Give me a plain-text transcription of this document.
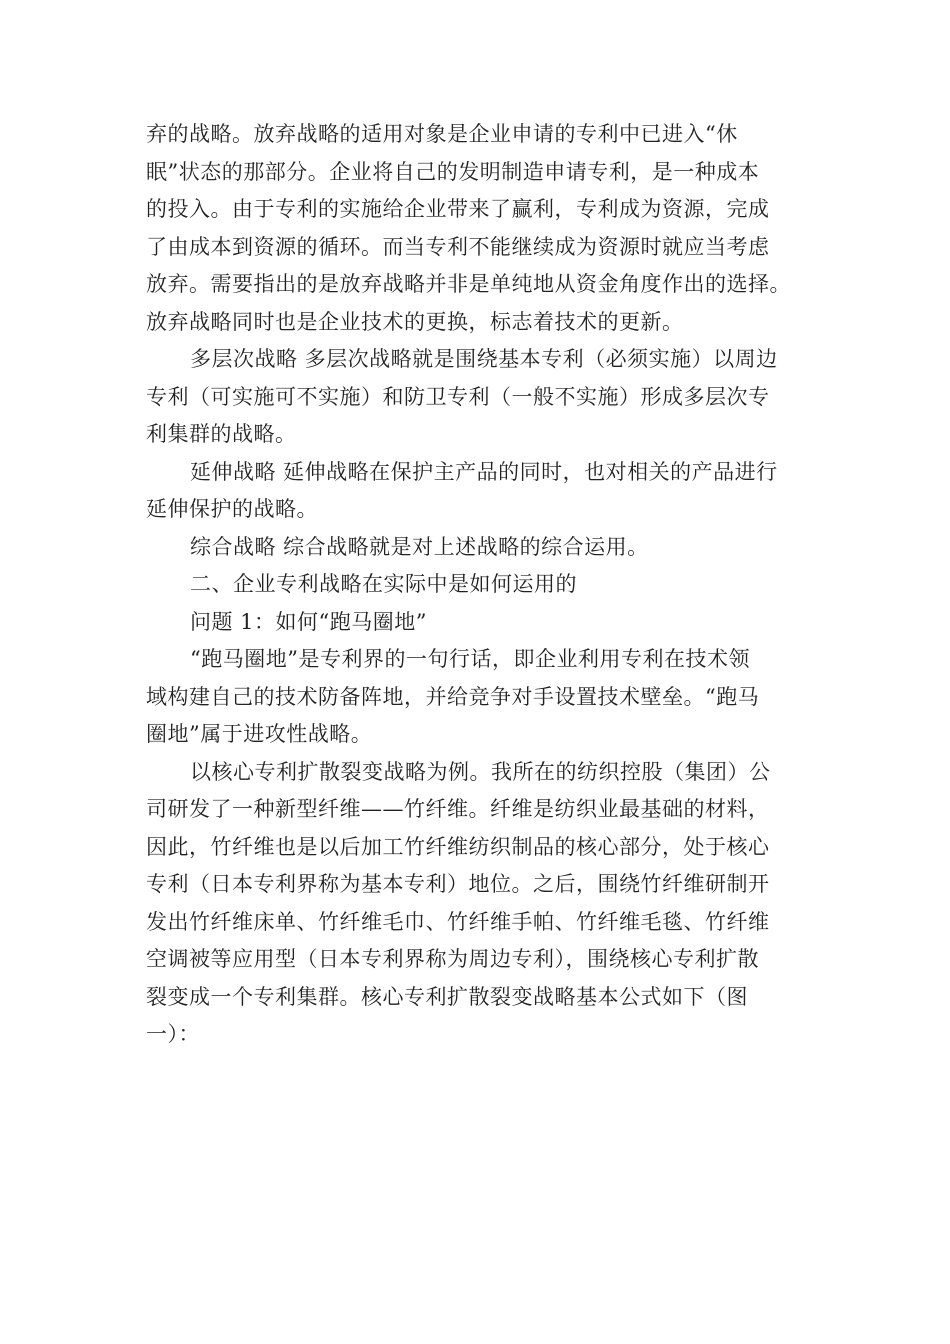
弃的战略。放弃战略的适用对象是企业申请的专利中已进入“休
眠”状态的那部分。企业将自己的发明制造申请专利，是一种成本
的投入。由于专利的实施给企业带来了赢利，专利成为资源，完成
了由成本到资源的循环。而当专利不能继续成为资源时就应当考虑
放弃。需要指出的是放弃战略并非是单纯地从资金角度作出的选择。
放弃战略同时也是企业技术的更换，标志着技术的更新。
多层次战略 多层次战略就是围绕基本专利（必须实施）以周边
专利（可实施可不实施）和防卫专利（一般不实施）形成多层次专
利集群的战略。
延伸战略 延伸战略在保护主产品的同时，也对相关的产品进行
延伸保护的战略。
综合战略 综合战略就是对上述战略的综合运用。
二、企业专利战略在实际中是如何运用的
问题 1：如何“跑马圈地”
“跑马圈地”是专利界的一句行话，即企业利用专利在技术领
域构建自己的技术防备阵地，并给竞争对手设置技术壁垒。“跑马
圈地”属于进攻性战略。
以核心专利扩散裂变战略为例。我所在的纺织控股（集团）公
司研发了一种新型纤维——竹纤维。纤维是纺织业最基础的材料，
因此，竹纤维也是以后加工竹纤维纺织制品的核心部分，处于核心
专利（日本专利界称为基本专利）地位。之后，围绕竹纤维研制开
发出竹纤维床单、竹纤维毛巾、竹纤维手帕、竹纤维毛毯、竹纤维
空调被等应用型（日本专利界称为周边专利），围绕核心专利扩散
裂变成一个专利集群。核心专利扩散裂变战略基本公式如下（图
一）：
